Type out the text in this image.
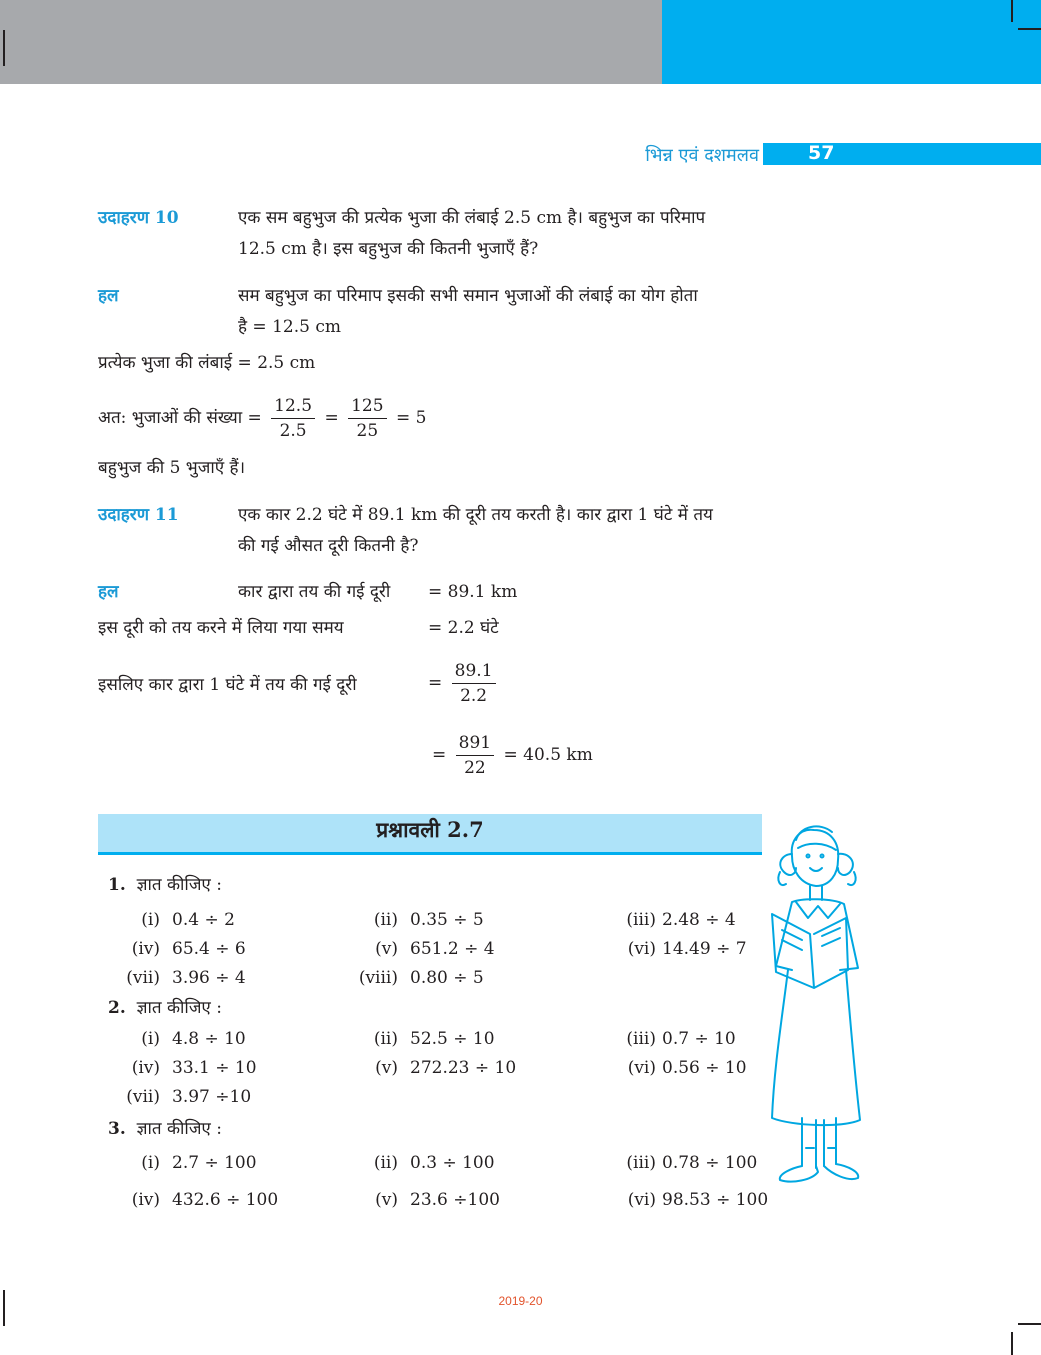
भिन्न एवं दशमलव	57
उदाहरण 10	एक सम बहुभुज की प्रत्येक भुजा की लंबाई 2.5 cm है। बहुभुज का परिमाप
12.5 cm है। इस बहुभुज की कितनी भुजाएँ हैं?
हल	सम बहुभुज का परिमाप इसकी सभी समान भुजाओं की लंबाई का योग होता
है = 12.5 cm
प्रत्येक भुजा की लंबाई = 2.5 cm
अत: भुजाओं की संख्या = $\frac{12.5}{2.5} = \frac{125}{25} = 5$
बहुभुज की 5 भुजाएँ हैं।
उदाहरण 11	एक कार 2.2 घंटे में 89.1 km की दूरी तय करती है। कार द्वारा 1 घंटे में तय
की गई औसत दूरी कितनी है?
हल	कार द्वारा तय की गई दूरी = 89.1 km
इस दूरी को तय करने में लिया गया समय	= 2.2 घंटे
इसलिए कार द्वारा 1 घंटे में तय की गई दूरी	= $\frac{89.1}{2.2}$
= $\frac{891}{22} = 40.5$ km
प्रश्नावली 2.7
1. ज्ञात कीजिए :
(i) 0.4 ÷ 2	(ii) 0.35 ÷ 5	(iii) 2.48 ÷ 4
(iv) 65.4 ÷ 6	(v) 651.2 ÷ 4	(vi) 14.49 ÷ 7
(vii) 3.96 ÷ 4	(viii) 0.80 ÷ 5
2. ज्ञात कीजिए :
(i) 4.8 ÷ 10	(ii) 52.5 ÷ 10	(iii) 0.7 ÷ 10
(iv) 33.1 ÷ 10	(v) 272.23 ÷ 10	(vi) 0.56 ÷ 10
(vii) 3.97 ÷10
3. ज्ञात कीजिए :
(i) 2.7 ÷ 100	(ii) 0.3 ÷ 100	(iii) 0.78 ÷ 100
(iv) 432.6 ÷ 100	(v) 23.6 ÷100	(vi) 98.53 ÷ 100
2019-20
